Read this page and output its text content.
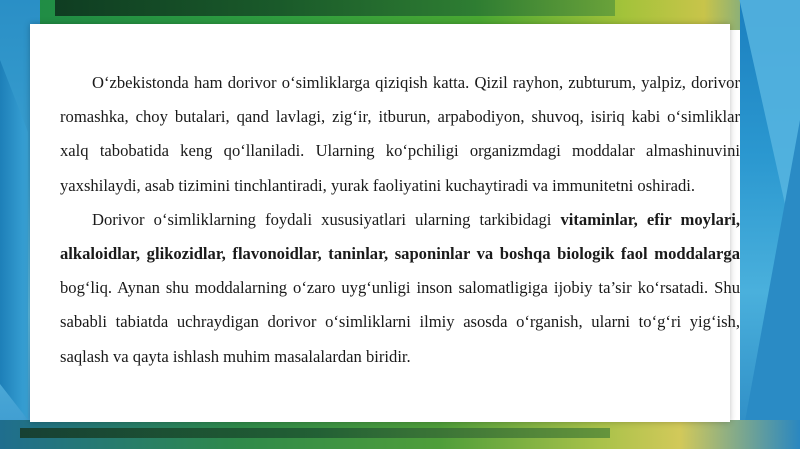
O‘zbekistonda ham dorivor o‘simliklarga qiziqish katta. Qizil rayhon, zubturum, yalpiz, dorivor romashka, choy butalari, qand lavlagi, zig‘ir, itburun, arpabodiyon, shuvoq, isiriq kabi o‘simliklar xalq tabobatida keng qo‘llaniladi. Ularning ko‘pchiligi organizmdagi moddalar almashinuvini yaxshilaydi, asab tizimini tinchlantiradi, yurak faoliyatini kuchaytiradi va immunitetni oshiradi.

Dorivor o‘simliklarning foydali xususiyatlari ularning tarkibidagi vitaminlar, efir moylari, alkaloidlar, glikozidlar, flavonoidlar, taninlar, saponinlar va boshqa biologik faol moddalarga bog‘liq. Aynan shu moddalarning o‘zaro uyg‘unligi inson salomatligiga ijobiy ta’sir ko‘rsatadi. Shu sababli tabiatda uchraydigan dorivor o‘simliklarni ilmiy asosda o‘rganish, ularni to‘g‘ri yig‘ish, saqlash va qayta ishlash muhim masalalardan biridir.
